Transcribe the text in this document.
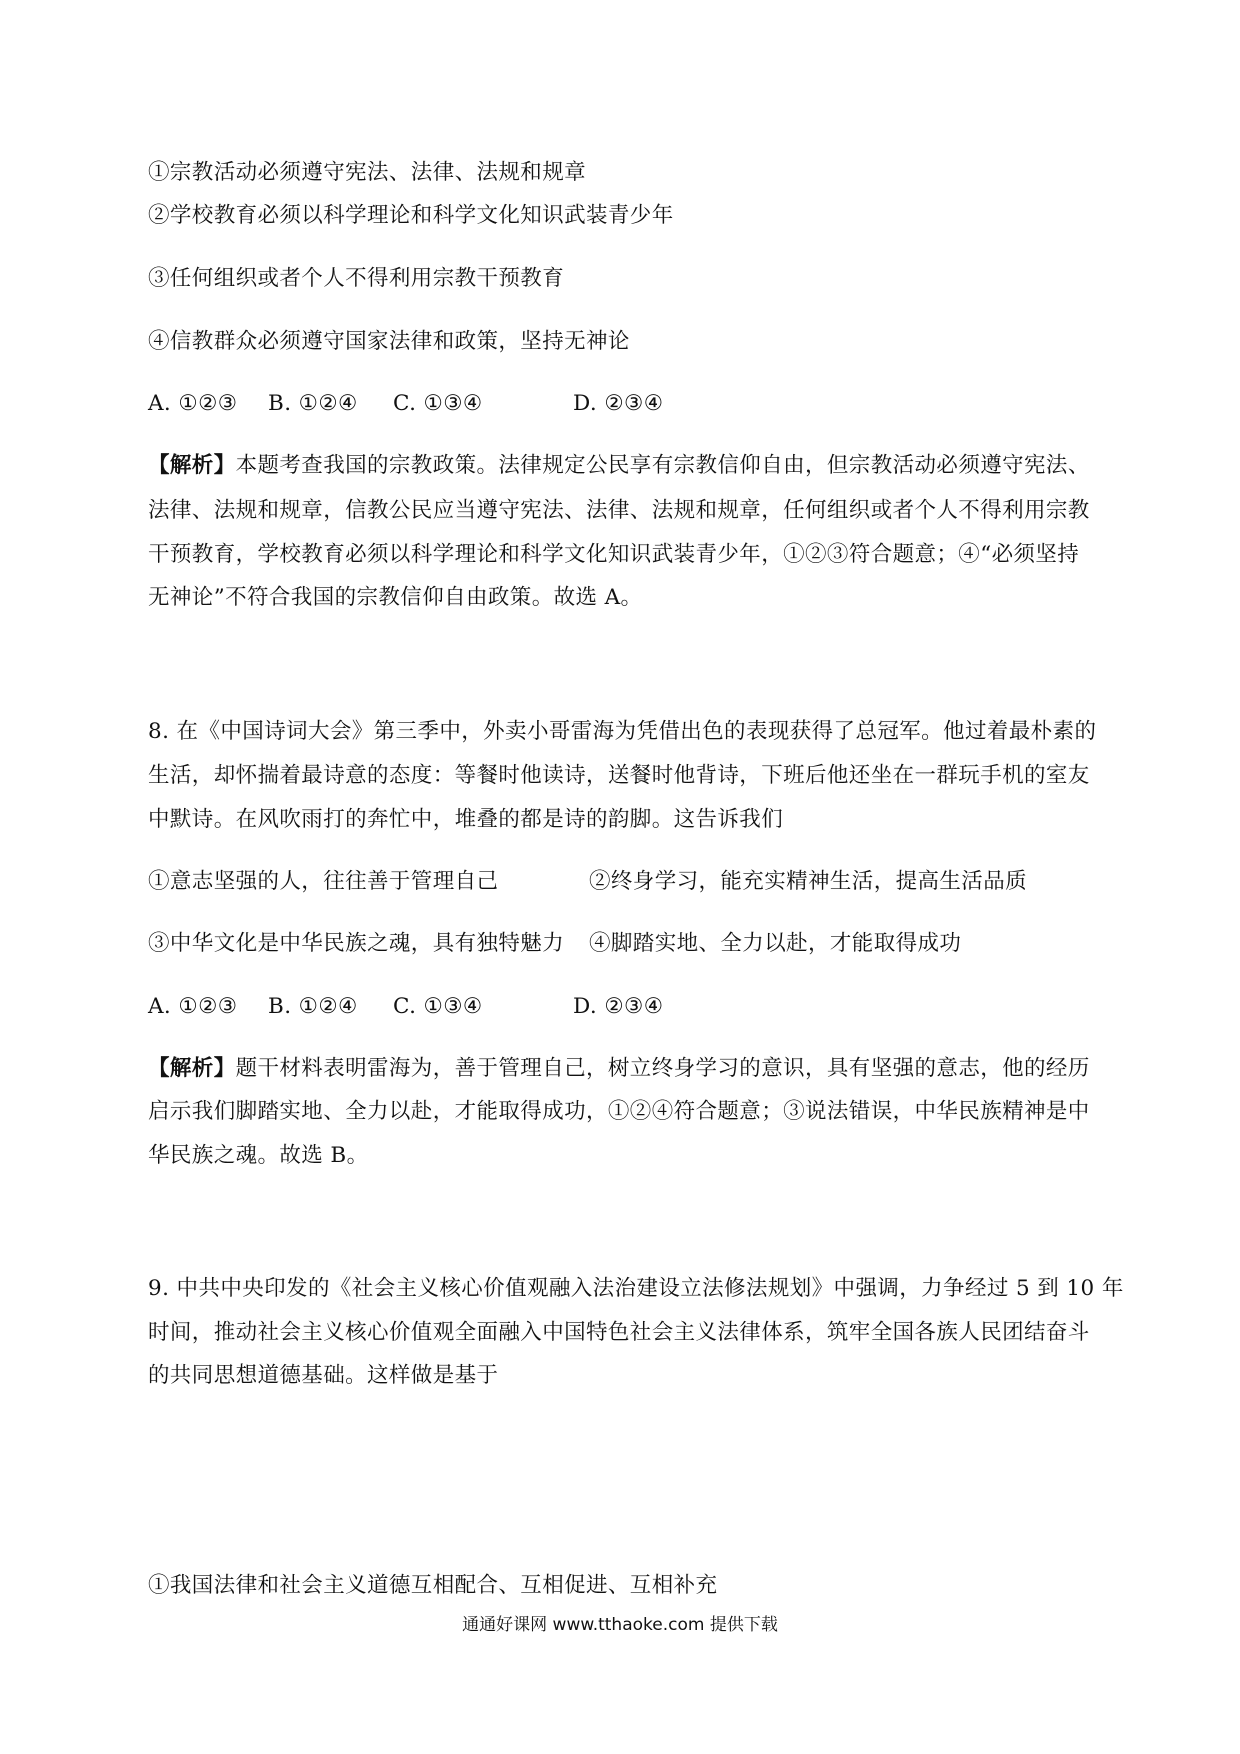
①宗教活动必须遵守宪法、法律、法规和规章
②学校教育必须以科学理论和科学文化知识武装青少年
③任何组织或者个人不得利用宗教干预教育
④信教群众必须遵守国家法律和政策，坚持无神论
A. ①②③ B. ①②④ C. ①③④	D. ②③④
【解析】本题考查我国的宗教政策。法律规定公民享有宗教信仰自由，但宗教活动必须遵守宪法、
法律、法规和规章，信教公民应当遵守宪法、法律、法规和规章，任何组织或者个人不得利用宗教
干预教育，学校教育必须以科学理论和科学文化知识武装青少年，①②③符合题意；④“必须坚持
无神论”不符合我国的宗教信仰自由政策。故选 A。
8. 在《中国诗词大会》第三季中，外卖小哥雷海为凭借出色的表现获得了总冠军。他过着最朴素的
生活，却怀揣着最诗意的态度：等餐时他读诗，送餐时他背诗，下班后他还坐在一群玩手机的室友
中默诗。在风吹雨打的奔忙中，堆叠的都是诗的韵脚。这告诉我们
①意志坚强的人，往往善于管理自己	②终身学习，能充实精神生活，提高生活品质
③中华文化是中华民族之魂，具有独特魅力 ④脚踏实地、全力以赴，才能取得成功
A. ①②③ B. ①②④ C. ①③④	D. ②③④
【解析】题干材料表明雷海为，善于管理自己，树立终身学习的意识，具有坚强的意志，他的经历
启示我们脚踏实地、全力以赴，才能取得成功，①②④符合题意；③说法错误，中华民族精神是中
华民族之魂。故选 B。
9. 中共中央印发的《社会主义核心价值观融入法治建设立法修法规划》中强调，力争经过 5 到 10 年
时间，推动社会主义核心价值观全面融入中国特色社会主义法律体系，筑牢全国各族人民团结奋斗
的共同思想道德基础。这样做是基于
①我国法律和社会主义道德互相配合、互相促进、互相补充
通通好课网 www.tthaoke.com 提供下载
